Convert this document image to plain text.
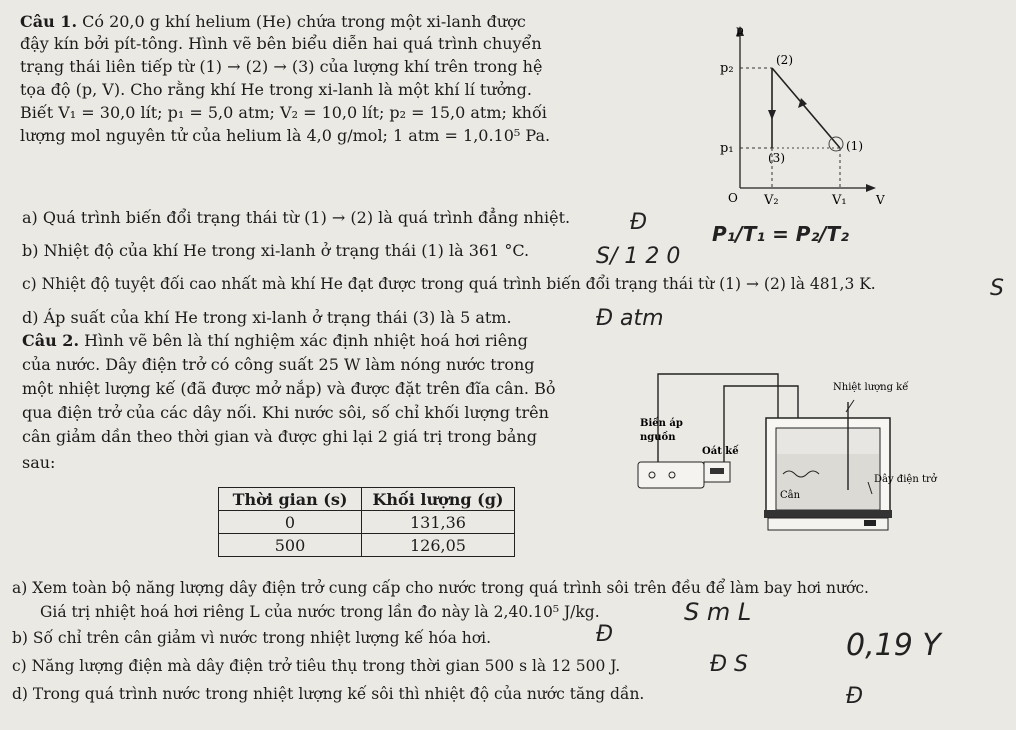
Câu 1. Có 20,0 g khí helium (He) chứa trong một xi-lanh được
đậy kín bởi pít-tông. Hình vẽ bên biểu diễn hai quá trình chuyển
trạng thái liên tiếp từ (1) → (2) → (3) của lượng khí trên trong hệ
tọa độ (p, V). Cho rằng khí He trong xi-lanh là một khí lí tưởng.
Biết V₁ = 30,0 lít; p₁ = 5,0 atm; V₂ = 10,0 lít; p₂ = 15,0 atm; khối
lượng mol nguyên tử của helium là 4,0 g/mol; 1 atm = 1,0.10⁵ Pa.
a) Quá trình biến đổi trạng thái từ (1) → (2) là quá trình đẳng nhiệt.
b) Nhiệt độ của khí He trong xi-lanh ở trạng thái (1) là 361 °C.
c) Nhiệt độ tuyệt đối cao nhất mà khí He đạt được trong quá trình biến đổi trạng thái từ (1) → (2) là 481,3 K.
d) Áp suất của khí He trong xi-lanh ở trạng thái (3) là 5 atm.
p
p₂
p₁
O V₂	V₁ V
(2)
(3)
(1)
Câu 2. Hình vẽ bên là thí nghiệm xác định nhiệt hoá hơi riêng
của nước. Dây điện trở có công suất 25 W làm nóng nước trong
một nhiệt lượng kế (đã được mở nắp) và được đặt trên đĩa cân. Bỏ
qua điện trở của các dây nối. Khi nước sôi, số chỉ khối lượng trên
cân giảm dần theo thời gian và được ghi lại 2 giá trị trong bảng
sau:
Thời gian (s)	Khối lượng (g)
0	131,36
500	126,05
Nhiệt lượng kế
Biến áp
nguồn
Oát kế
Dây điện trở
Cân
a) Xem toàn bộ năng lượng dây điện trở cung cấp cho nước trong quá trình sôi trên đều để làm bay hơi nước.
Giá trị nhiệt hoá hơi riêng L của nước trong lần đo này là 2,40.10⁵ J/kg.
b) Số chỉ trên cân giảm vì nước trong nhiệt lượng kế hóa hơi.
c) Năng lượng điện mà dây điện trở tiêu thụ trong thời gian 500 s là 12 500 J.
d) Trong quá trình nước trong nhiệt lượng kế sôi thì nhiệt độ của nước tăng dần.
Đ	P₁/T₁ = P₂/T₂
S/ 1 2 0
S
Đ atm
S m L
Đ	0,19 Y
Đ S
Đ
